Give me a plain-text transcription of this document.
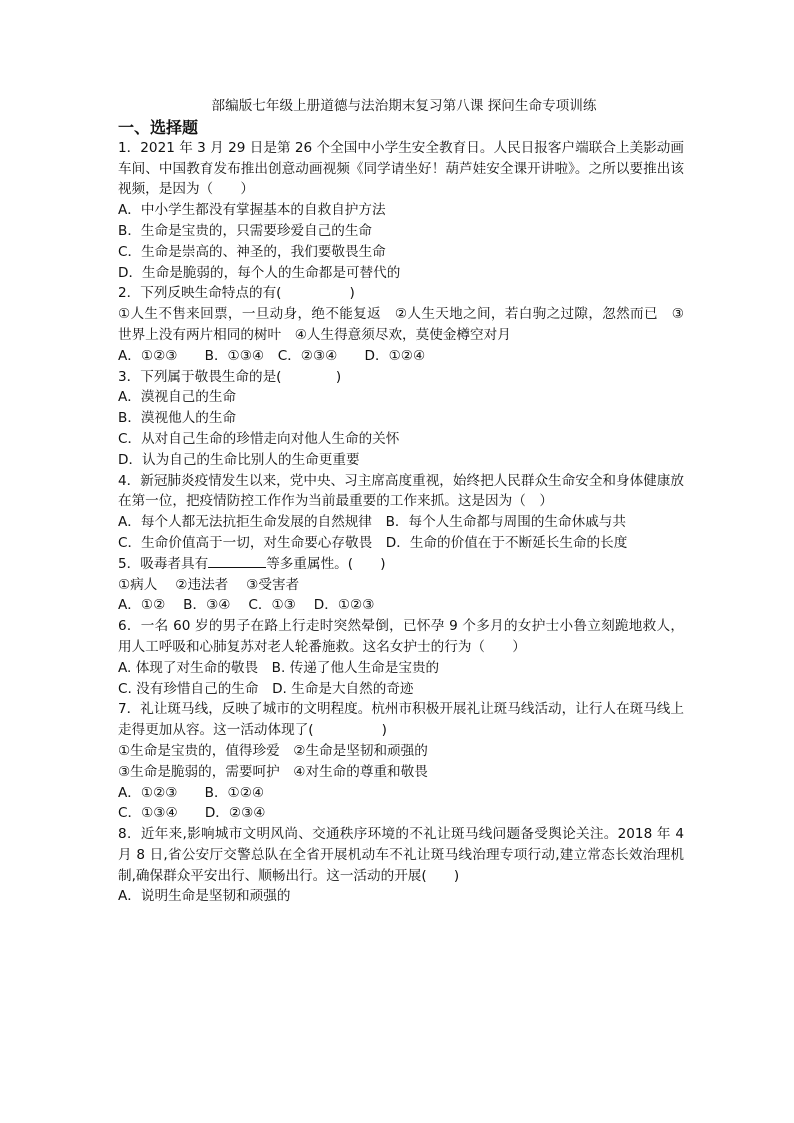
部编版七年级上册道德与法治期末复习第八课 探问生命专项训练

一、选择题

1．2021 年 3 月 29 日是第 26 个全国中小学生安全教育日。人民日报客户端联合上美影动画车间、中国教育发布推出创意动画视频《同学请坐好！葫芦娃安全课开讲啦》。之所以要推出该视频，是因为（　　）

A．中小学生都没有掌握基本的自救自护方法

B．生命是宝贵的，只需要珍爱自己的生命

C．生命是崇高的、神圣的，我们要敬畏生命

D．生命是脆弱的，每个人的生命都是可替代的

2．下列反映生命特点的有(　　　　　)

①人生不售来回票，一旦动身，绝不能复返　②人生天地之间，若白驹之过隙，忽然而已　③世界上没有两片相同的树叶　④人生得意须尽欢，莫使金樽空对月

A．①②③　　B．①③④　C．②③④　　D．①②④

3．下列属于敬畏生命的是(　　　　)

A．漠视自己的生命

B．漠视他人的生命

C．从对自己生命的珍惜走向对他人生命的关怀

D．认为自己的生命比别人的生命更重要

4．新冠肺炎疫情发生以来，党中央、习主席高度重视，始终把人民群众生命安全和身体健康放在第一位，把疫情防控工作作为当前最重要的工作来抓。这是因为（　）

A．每个人都无法抗拒生命发展的自然规律　B．每个人生命都与周围的生命休戚与共

C．生命价值高于一切，对生命要心存敬畏　D．生命的价值在于不断延长生命的长度

5．吸毒者具有	等多重属性。(　　)

①病人　 ②违法者　 ③受害者

A．①②　 B．③④　 C．①③　 D．①②③

6．一名 60 岁的男子在路上行走时突然晕倒，已怀孕 9 个多月的女护士小鲁立刻跪地救人，用人工呼吸和心肺复苏对老人轮番施救。这名女护士的行为（　　）

A. 体现了对生命的敬畏　B. 传递了他人生命是宝贵的

C. 没有珍惜自己的生命　D. 生命是大自然的奇迹

7．礼让斑马线，反映了城市的文明程度。杭州市积极开展礼让斑马线活动，让行人在斑马线上走得更加从容。这一活动体现了(　　　　　)

①生命是宝贵的，值得珍爱　②生命是坚韧和顽强的

③生命是脆弱的，需要呵护　④对生命的尊重和敬畏

A．①②③　　B．①②④

C．①③④　　D．②③④

8．近年来,影响城市文明风尚、交通秩序环境的不礼让斑马线问题备受舆论关注。2018 年 4 月 8 日,省公安厅交警总队在全省开展机动车不礼让斑马线治理专项行动,建立常态长效治理机制,确保群众平安出行、顺畅出行。这一活动的开展(　　)

A．说明生命是坚韧和顽强的
